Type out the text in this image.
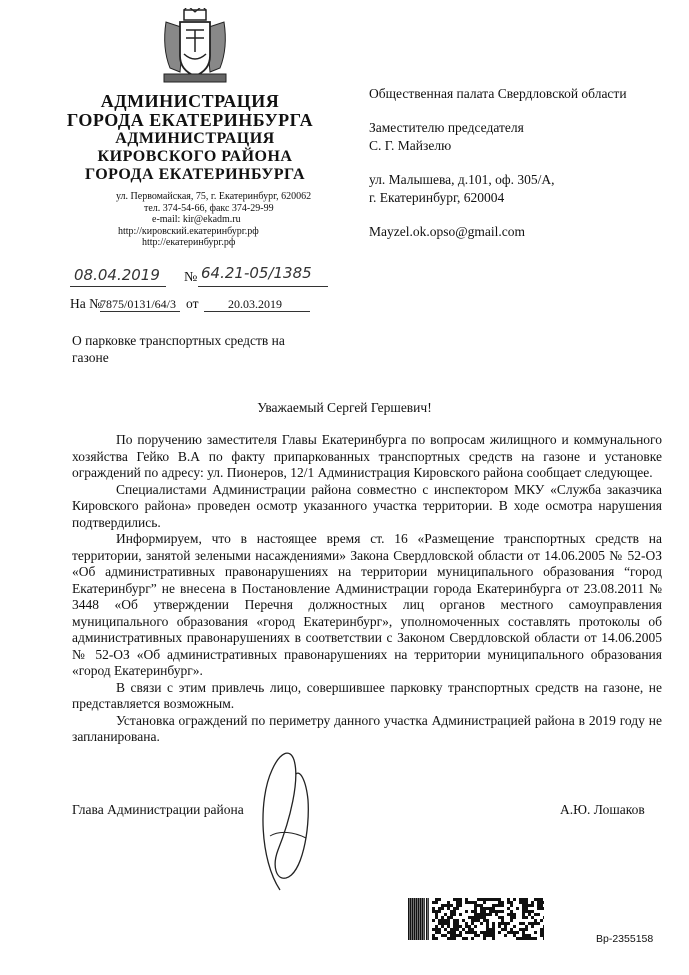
АДМИНИСТРАЦИЯ
ГОРОДА ЕКАТЕРИНБУРГА
АДМИНИСТРАЦИЯ
КИРОВСКОГО РАЙОНА
ГОРОДА ЕКАТЕРИНБУРГА
ул. Первомайская, 75, г. Екатеринбург, 620062
тел. 374-54-66, факс 374-29-99
e-mail: kir@ekadm.ru
http://кировский.екатеринбург.рф
http://екатеринбург.рф
Общественная палата Свердловской области
Заместителю председателя
С. Г. Майзелю
ул. Малышева, д.101, оф. 305/А,
г. Екатеринбург, 620004
Mayzel.ok.opso@gmail.com
08.04.2019 № 64.21-05/1385
На №
7875/0131/64/3 от 20.03.2019
О парковке транспортных средств на газоне
Уважаемый Сергей Гершевич!

По поручению заместителя Главы Екатеринбурга по вопросам жилищного и коммунального хозяйства Гейко В.А по факту припаркованных транспортных средств на газоне и установке ограждений по адресу: ул. Пионеров, 12/1 Администрация Кировского района сообщает следующее.

Специалистами Администрации района совместно с инспектором МКУ «Служба заказчика Кировского района» проведен осмотр указанного участка территории. В ходе осмотра нарушения подтвердились.

Информируем, что в настоящее время ст. 16 «Размещение транспортных средств на территории, занятой зелеными насаждениями» Закона Свердловской области от 14.06.2005 № 52-ОЗ «Об административных правонарушениях на территории муниципального образования “город Екатеринбург” не внесена в Постановление Администрации города Екатеринбурга от 23.08.2011 № 3448 «Об утверждении Перечня должностных лиц органов местного самоуправления муниципального образования «город Екатеринбург», уполномоченных составлять протоколы об административных правонарушениях в соответствии с Законом Свердловской области от 14.06.2005 № 52-ОЗ «Об административных правонарушениях на территории муниципального образования «город Екатеринбург».

В связи с этим привлечь лицо, совершившее парковку транспортных средств на газоне, не представляется возможным.

Установка ограждений по периметру данного участка Администрацией района в 2019 году не запланирована.

Глава Администрации района	А.Ю. Лошаков
Вр-2355158
